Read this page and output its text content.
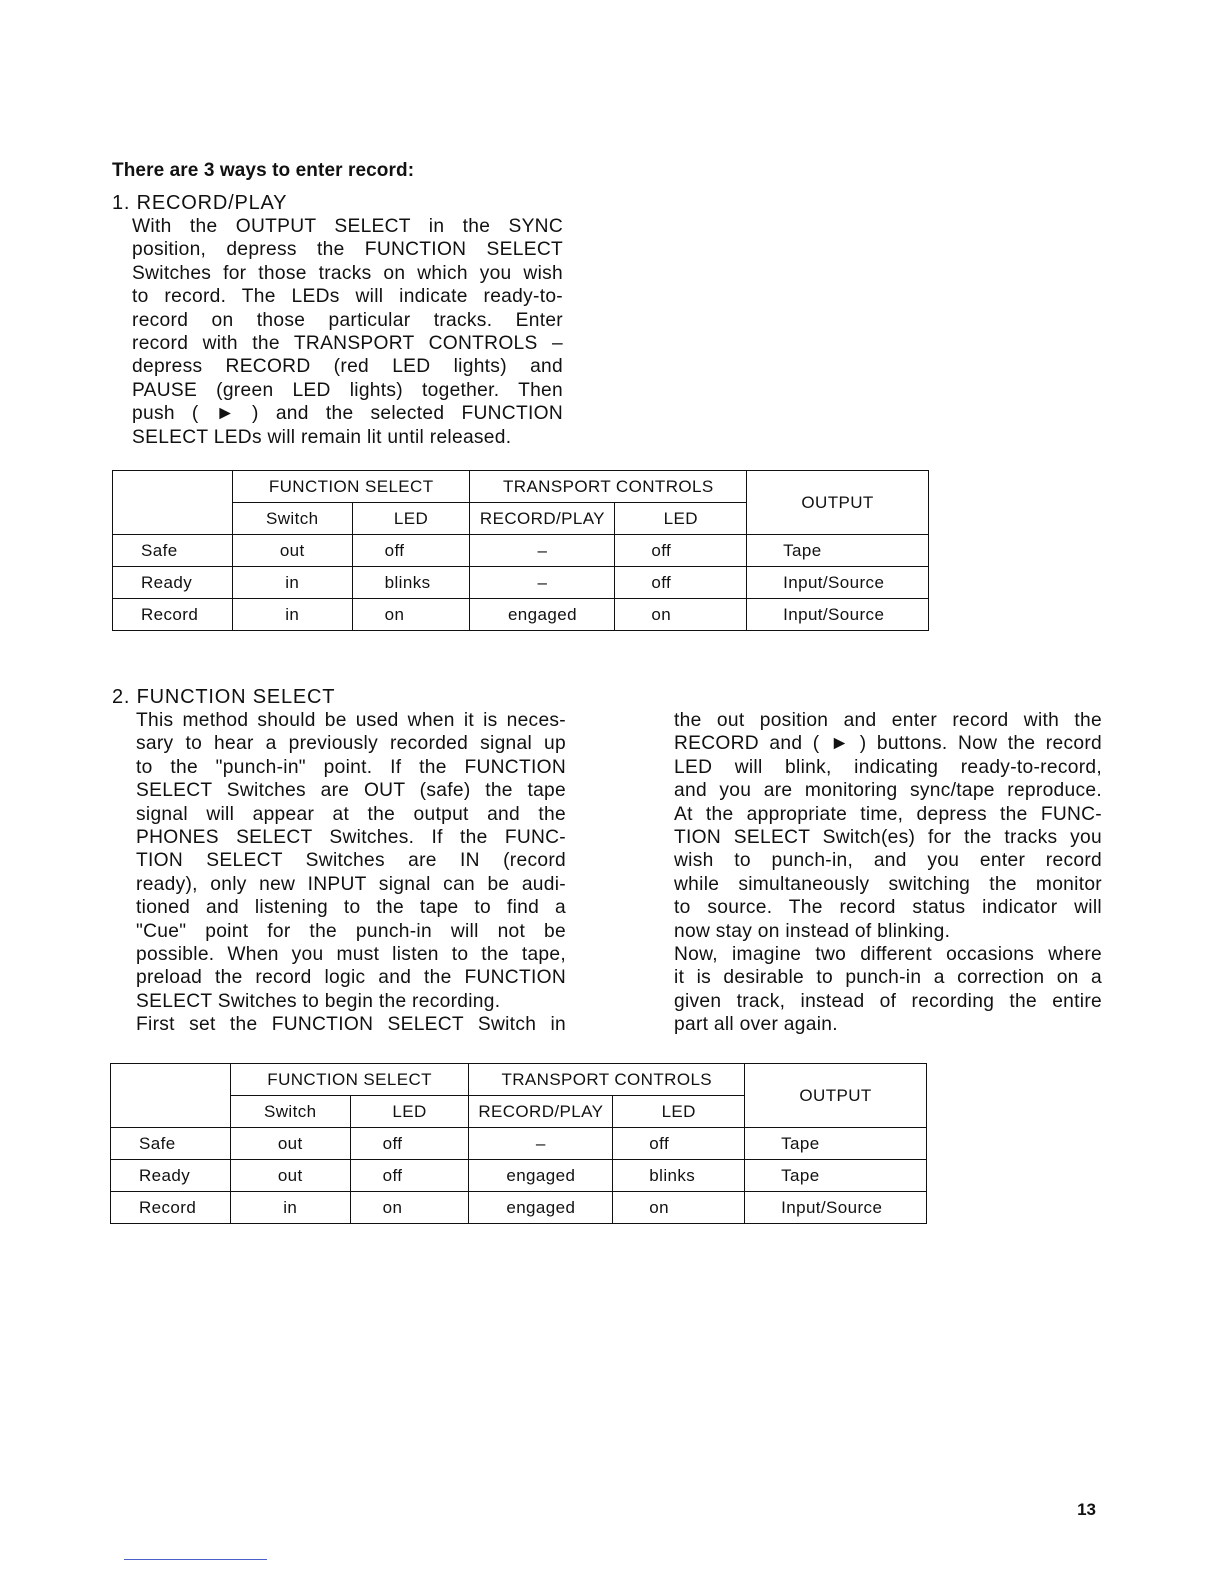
There are 3 ways to enter record:
1. RECORD/PLAY
With the OUTPUT SELECT in the SYNC
position, depress the FUNCTION SELECT
Switches for those tracks on which you wish
to record. The LEDs will indicate ready-to-
record on those particular tracks. Enter
record with the TRANSPORT CONTROLS –
depress RECORD (red LED lights) and
PAUSE (green LED lights) together. Then
push ( ► ) and the selected FUNCTION

SELECT LEDs will remain lit until released.
	FUNCTION SELECT		TRANSPORT CONTROLS		OUTPUT
	Switch	LED	RECORD/PLAY	LED	
Safe	out	off	–	off	Tape
Ready	in	blinks	–	off	Input/Source
Record	in	on	engaged	on	Input/Source
2. FUNCTION SELECT
This method should be used when it is neces-
sary to hear a previously recorded signal up
to the "punch-in" point. If the FUNCTION
SELECT Switches are OUT (safe) the tape
signal will appear at the output and the
PHONES SELECT Switches. If the FUNC-
TION SELECT Switches are IN (record
ready), only new INPUT signal can be audi-
tioned and listening to the tape to find a
"Cue" point for the punch-in will not be
possible. When you must listen to the tape,
preload the record logic and the FUNCTION

SELECT Switches to begin the recording.
First set the FUNCTION SELECT Switch in
the out position and enter record with the
RECORD and ( ► ) buttons. Now the record
LED will blink, indicating ready-to-record,
and you are monitoring sync/tape reproduce.
At the appropriate time, depress the FUNC-
TION SELECT Switch(es) for the tracks you
wish to punch-in, and you enter record
while simultaneously switching the monitor
to source. The record status indicator will

now stay on instead of blinking.
Now, imagine two different occasions where
it is desirable to punch-in a correction on a
given track, instead of recording the entire

part all over again.
	FUNCTION SELECT		TRANSPORT CONTROLS		OUTPUT
	Switch	LED	RECORD/PLAY	LED	
Safe	out	off	–	off	Tape
Ready	out	off	engaged	blinks	Tape
Record	in	on	engaged	on	Input/Source
13
